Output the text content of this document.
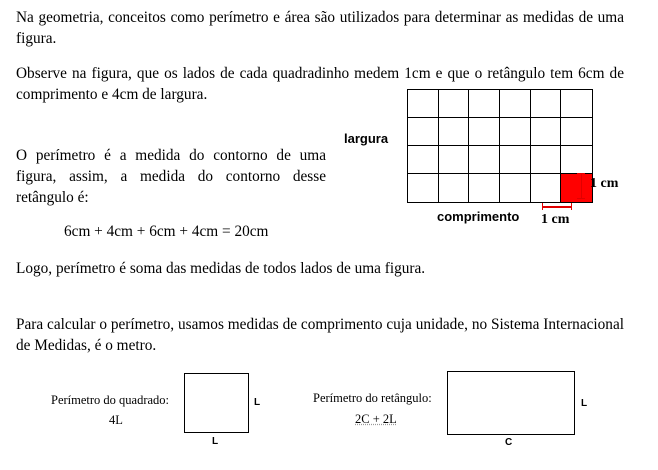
Na geometria, conceitos como perímetro e área são utilizados para determinar as medidas de uma figura.

Observe na figura, que os lados de cada quadradinho medem 1cm e que o retângulo tem 6cm de comprimento e 4cm de largura.

O perímetro é a medida do contorno de uma figura, assim, a medida do contorno desse retângulo é:

6cm + 4cm + 6cm + 4cm = 20cm

Logo, perímetro é soma das medidas de todos lados de uma figura.

Para calcular o perímetro, usamos medidas de comprimento cuja unidade, no Sistema Internacional de Medidas, é o metro.

largura
1 cm
comprimento 1 cm
Perímetro do quadrado:
4L
L
L
Perímetro do retângulo:
2C + 2L
L
C
